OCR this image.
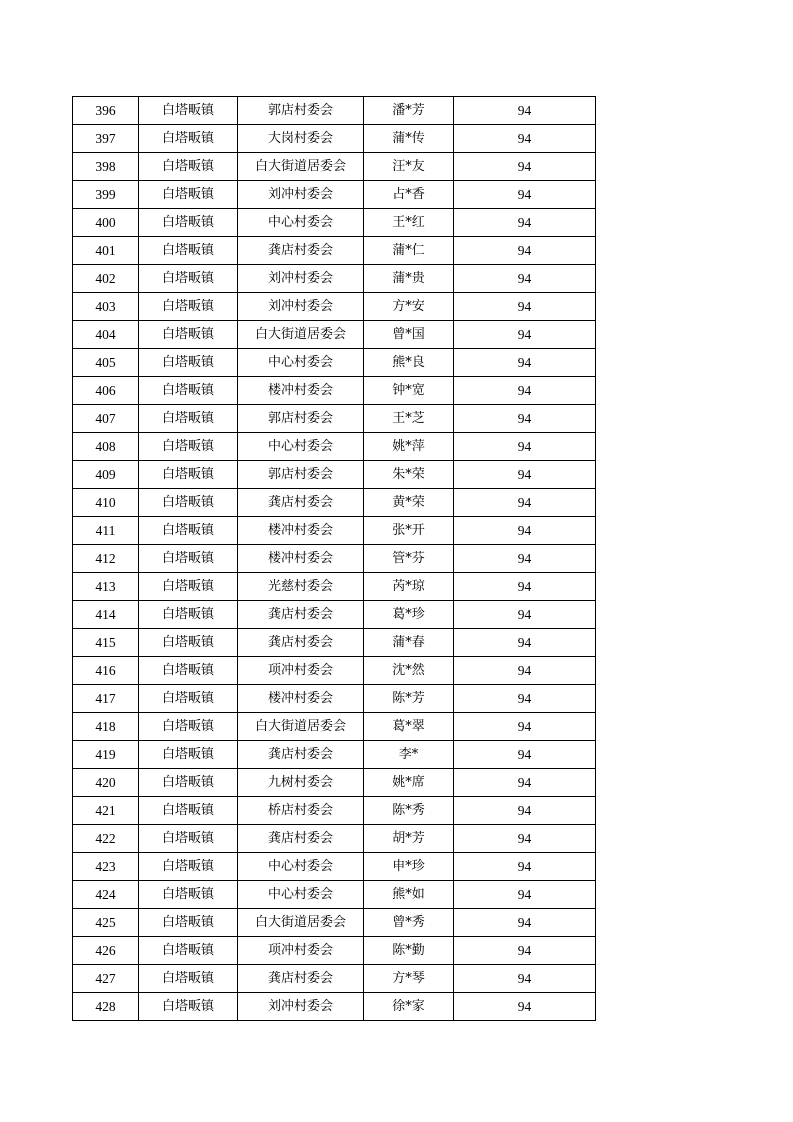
396	白塔畈镇	郭店村委会	潘*芳	94
397	白塔畈镇	大岗村委会	蒲*传	94
398	白塔畈镇	白大街道居委会	汪*友	94
399	白塔畈镇	刘冲村委会	占*香	94
400	白塔畈镇	中心村委会	王*红	94
401	白塔畈镇	龚店村委会	蒲*仁	94
402	白塔畈镇	刘冲村委会	蒲*贵	94
403	白塔畈镇	刘冲村委会	方*安	94
404	白塔畈镇	白大街道居委会	曾*国	94
405	白塔畈镇	中心村委会	熊*良	94
406	白塔畈镇	楼冲村委会	钟*宽	94
407	白塔畈镇	郭店村委会	王*芝	94
408	白塔畈镇	中心村委会	姚*萍	94
409	白塔畈镇	郭店村委会	朱*荣	94
410	白塔畈镇	龚店村委会	黄*荣	94
411	白塔畈镇	楼冲村委会	张*开	94
412	白塔畈镇	楼冲村委会	管*芬	94
413	白塔畈镇	光慈村委会	芮*琼	94
414	白塔畈镇	龚店村委会	葛*珍	94
415	白塔畈镇	龚店村委会	蒲*春	94
416	白塔畈镇	项冲村委会	沈*然	94
417	白塔畈镇	楼冲村委会	陈*芳	94
418	白塔畈镇	白大街道居委会	葛*翠	94
419	白塔畈镇	龚店村委会	李*	94
420	白塔畈镇	九树村委会	姚*席	94
421	白塔畈镇	桥店村委会	陈*秀	94
422	白塔畈镇	龚店村委会	胡*芳	94
423	白塔畈镇	中心村委会	申*珍	94
424	白塔畈镇	中心村委会	熊*如	94
425	白塔畈镇	白大街道居委会	曾*秀	94
426	白塔畈镇	项冲村委会	陈*勤	94
427	白塔畈镇	龚店村委会	方*琴	94
428	白塔畈镇	刘冲村委会	徐*家	94
